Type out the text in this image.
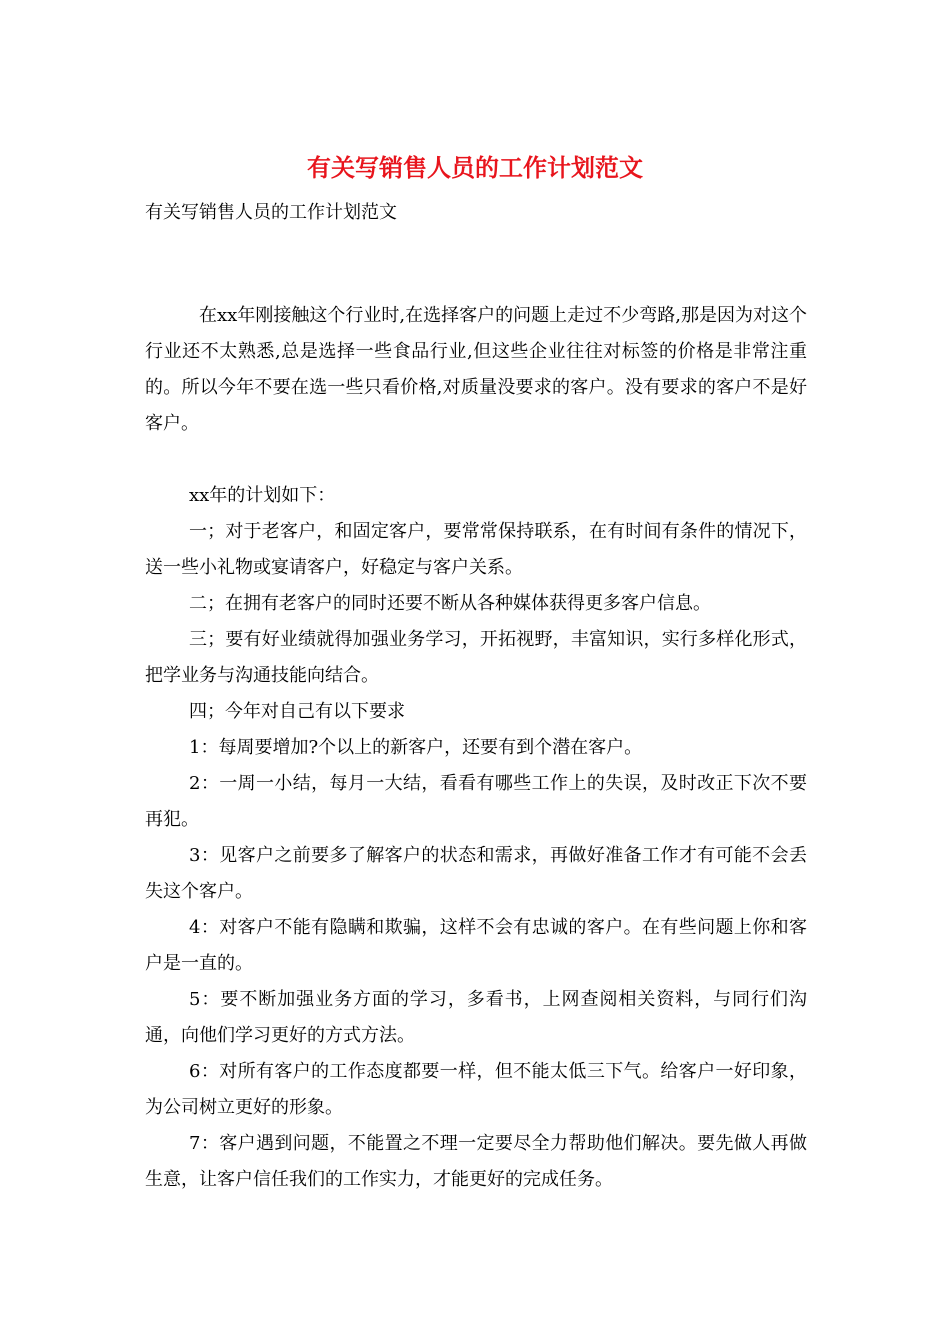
有关写销售人员的工作计划范文

有关写销售人员的工作计划范文

在xx年刚接触这个行业时,在选择客户的问题上走过不少弯路,那是因为对这个行业还不太熟悉,总是选择一些食品行业,但这些企业往往对标签的价格是非常注重的。所以今年不要在选一些只看价格,对质量没要求的客户。没有要求的客户不是好客户。

xx年的计划如下：

一；对于老客户，和固定客户，要常常保持联系，在有时间有条件的情况下，送一些小礼物或宴请客户，好稳定与客户关系。

二；在拥有老客户的同时还要不断从各种媒体获得更多客户信息。

三；要有好业绩就得加强业务学习，开拓视野，丰富知识，实行多样化形式，把学业务与沟通技能向结合。

四；今年对自己有以下要求

1：每周要增加?个以上的新客户，还要有到个潜在客户。

2：一周一小结，每月一大结，看看有哪些工作上的失误，及时改正下次不要再犯。

3：见客户之前要多了解客户的状态和需求，再做好准备工作才有可能不会丢失这个客户。

4：对客户不能有隐瞒和欺骗，这样不会有忠诚的客户。在有些问题上你和客户是一直的。

5：要不断加强业务方面的学习，多看书，上网查阅相关资料，与同行们沟通，向他们学习更好的方式方法。

6：对所有客户的工作态度都要一样，但不能太低三下气。给客户一好印象，为公司树立更好的形象。

7：客户遇到问题，不能置之不理一定要尽全力帮助他们解决。要先做人再做生意，让客户信任我们的工作实力，才能更好的完成任务。
